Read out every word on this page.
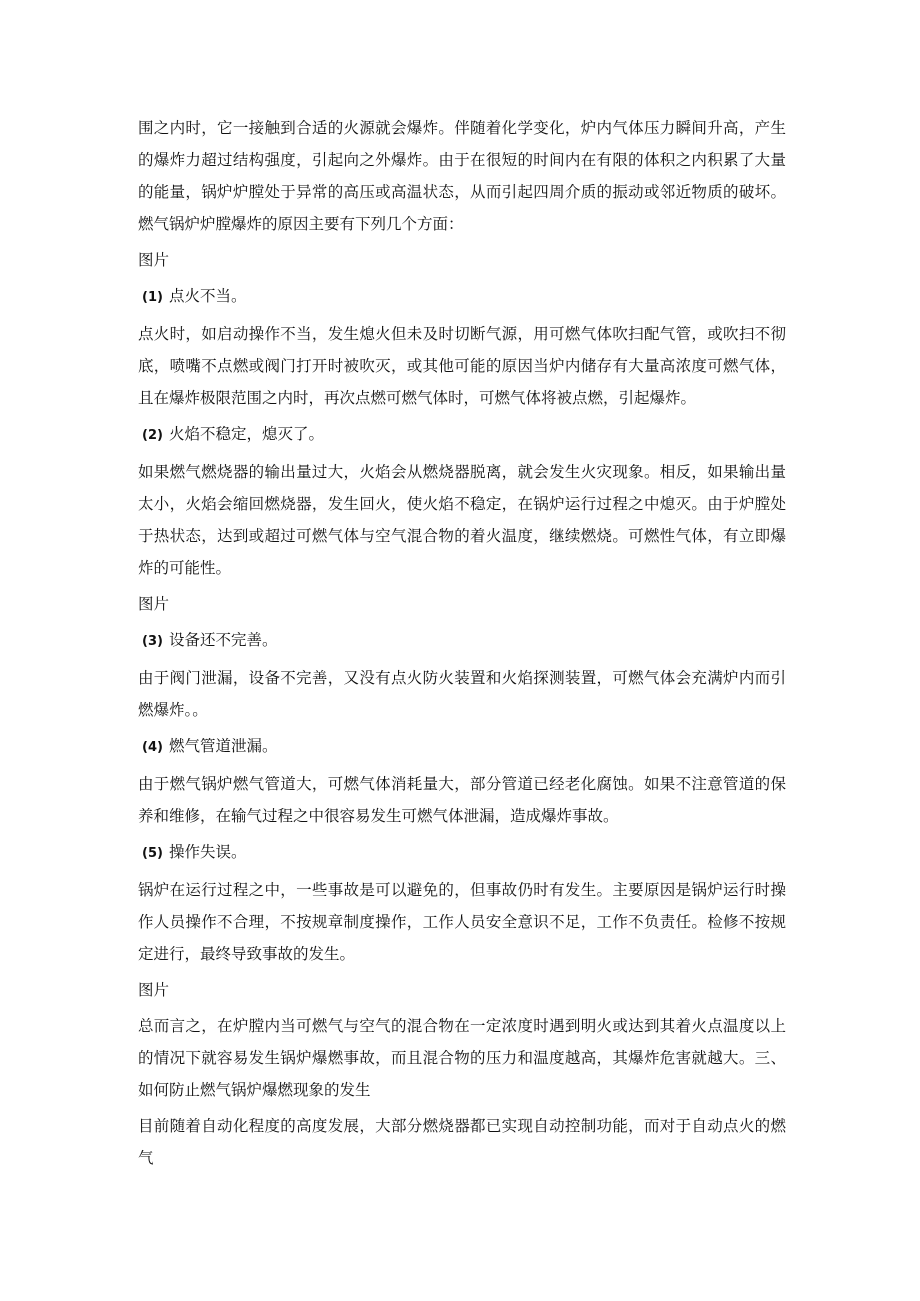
围之内时，它一接触到合适的火源就会爆炸。伴随着化学变化，炉内气体压力瞬间升高，产生的爆炸力超过结构强度，引起向之外爆炸。由于在很短的时间内在有限的体积之内积累了大量的能量，锅炉炉膛处于异常的高压或高温状态，从而引起四周介质的振动或邻近物质的破坏。燃气锅炉炉膛爆炸的原因主要有下列几个方面：

图片

(1) 点火不当。

点火时，如启动操作不当，发生熄火但未及时切断气源，用可燃气体吹扫配气管，或吹扫不彻底，喷嘴不点燃或阀门打开时被吹灭，或其他可能的原因当炉内储存有大量高浓度可燃气体，且在爆炸极限范围之内时，再次点燃可燃气体时，可燃气体将被点燃，引起爆炸。

(2) 火焰不稳定，熄灭了。

如果燃气燃烧器的输出量过大，火焰会从燃烧器脱离，就会发生火灾现象。相反，如果输出量太小，火焰会缩回燃烧器，发生回火，使火焰不稳定，在锅炉运行过程之中熄灭。由于炉膛处于热状态，达到或超过可燃气体与空气混合物的着火温度，继续燃烧。可燃性气体，有立即爆炸的可能性。

图片

(3) 设备还不完善。

由于阀门泄漏，设备不完善，又没有点火防火装置和火焰探测装置，可燃气体会充满炉内而引燃爆炸。。

(4) 燃气管道泄漏。

由于燃气锅炉燃气管道大，可燃气体消耗量大，部分管道已经老化腐蚀。如果不注意管道的保养和维修，在输气过程之中很容易发生可燃气体泄漏，造成爆炸事故。

(5) 操作失误。

锅炉在运行过程之中，一些事故是可以避免的，但事故仍时有发生。主要原因是锅炉运行时操作人员操作不合理，不按规章制度操作，工作人员安全意识不足，工作不负责任。检修不按规定进行，最终导致事故的发生。

图片

总而言之，在炉膛内当可燃气与空气的混合物在一定浓度时遇到明火或达到其着火点温度以上的情况下就容易发生锅炉爆燃事故，而且混合物的压力和温度越高，其爆炸危害就越大。三、如何防止燃气锅炉爆燃现象的发生

目前随着自动化程度的高度发展，大部分燃烧器都已实现自动控制功能，而对于自动点火的燃气
